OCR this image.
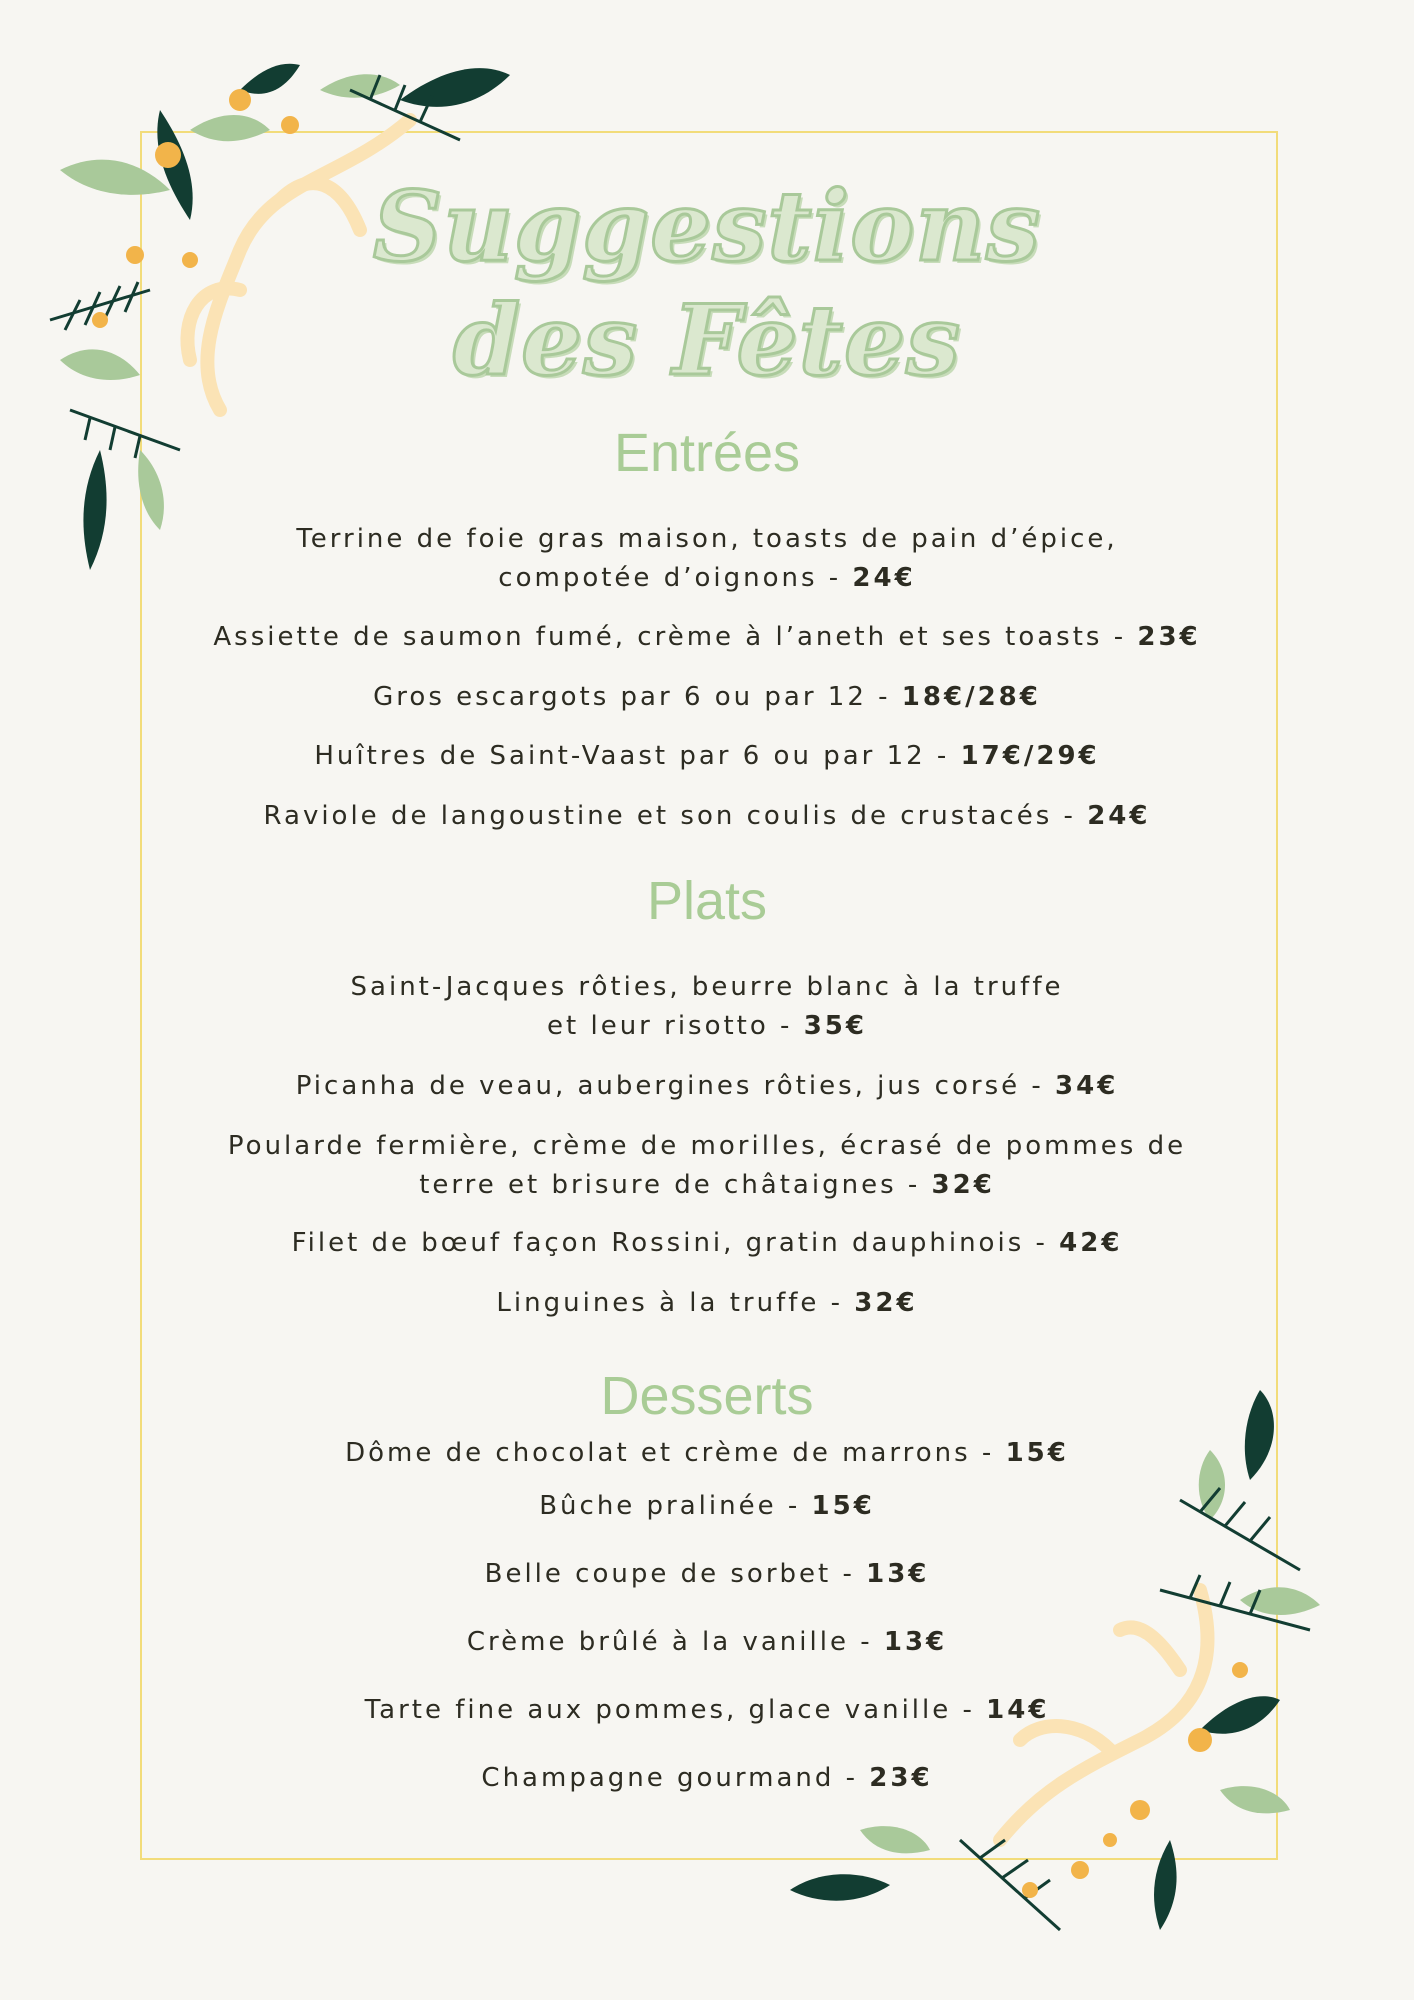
Suggestions
des Fêtes
Entrées
Terrine de foie gras maison, toasts de pain d’épice,
compotée d’oignons - 24€
Assiette de saumon fumé, crème à l’aneth et ses toasts - 23€
Gros escargots par 6 ou par 12 - 18€/28€
Huîtres de Saint-Vaast par 6 ou par 12 - 17€/29€
Raviole de langoustine et son coulis de crustacés - 24€
Plats
Saint-Jacques rôties, beurre blanc à la truffe
et leur risotto - 35€
Picanha de veau, aubergines rôties, jus corsé - 34€
Poularde fermière, crème de morilles, écrasé de pommes de
terre et brisure de châtaignes - 32€
Filet de bœuf façon Rossini, gratin dauphinois - 42€
Linguines à la truffe - 32€
Desserts
Dôme de chocolat et crème de marrons - 15€
Bûche pralinée - 15€
Belle coupe de sorbet - 13€
Crème brûlé à la vanille - 13€
Tarte fine aux pommes, glace vanille - 14€
Champagne gourmand - 23€
